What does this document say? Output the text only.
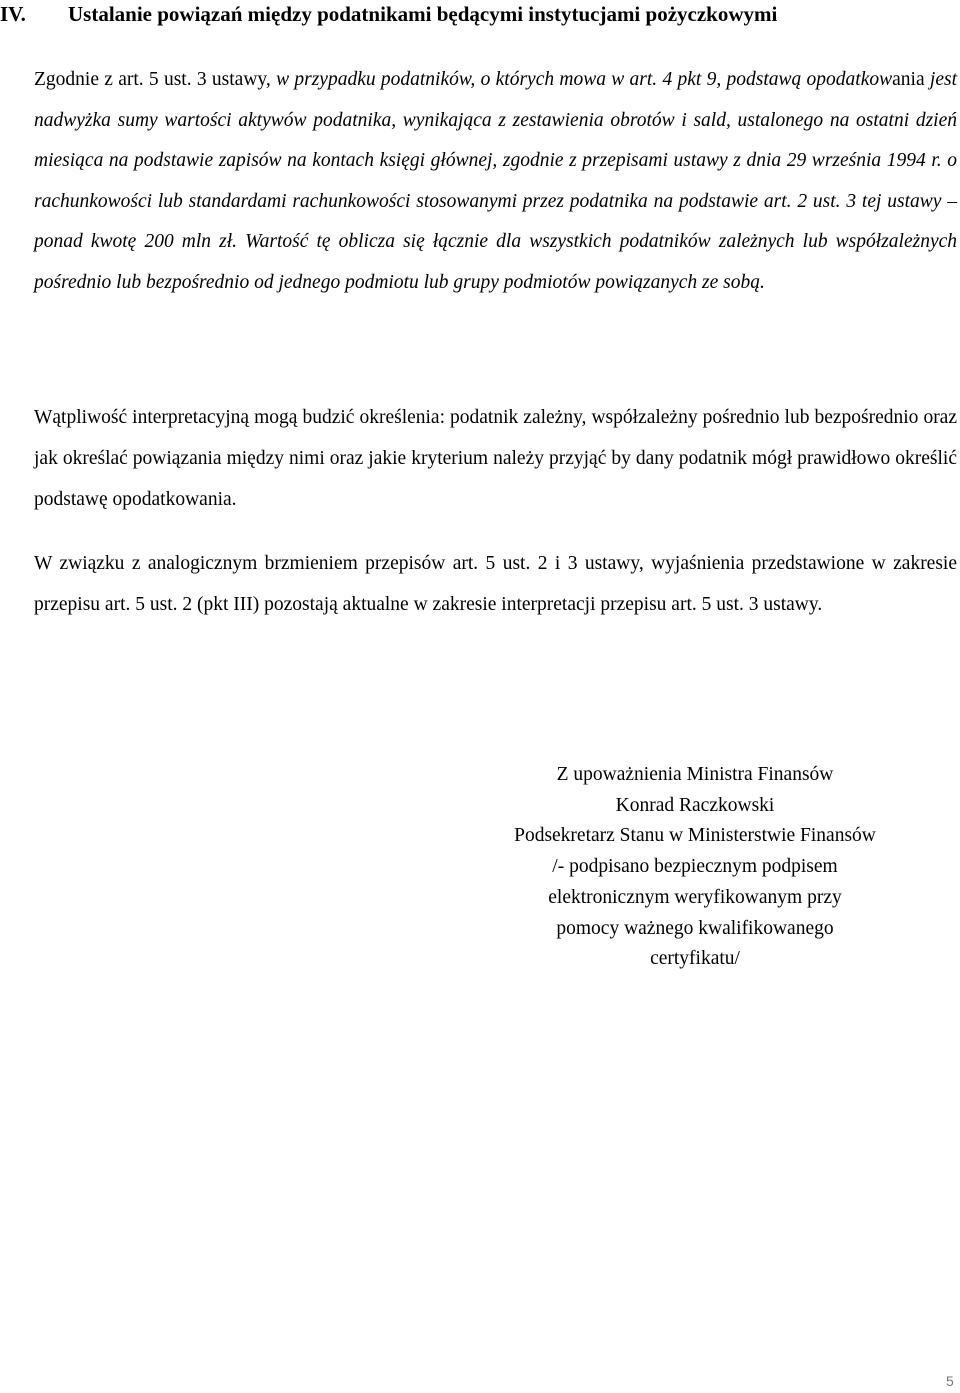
IV. Ustalanie powiązań między podatnikami będącymi instytucjami pożyczkowymi

Zgodnie z art. 5 ust. 3 ustawy, w przypadku podatników, o których mowa w art. 4 pkt 9, podstawą opodatkowania jest nadwyżka sumy wartości aktywów podatnika, wynikająca z zestawienia obrotów i sald, ustalonego na ostatni dzień miesiąca na podstawie zapisów na kontach księgi głównej, zgodnie z przepisami ustawy z dnia 29 września 1994 r. o rachunkowości lub standardami rachunkowości stosowanymi przez podatnika na podstawie art. 2 ust. 3 tej ustawy – ponad kwotę 200 mln zł. Wartość tę oblicza się łącznie dla wszystkich podatników zależnych lub współzależnych pośrednio lub bezpośrednio od jednego podmiotu lub grupy podmiotów powiązanych ze sobą.

Wątpliwość interpretacyjną mogą budzić określenia: podatnik zależny, współzależny pośrednio lub bezpośrednio oraz jak określać powiązania między nimi oraz jakie kryterium należy przyjąć by dany podatnik mógł prawidłowo określić podstawę opodatkowania.

W związku z analogicznym brzmieniem przepisów art. 5 ust. 2 i 3 ustawy, wyjaśnienia przedstawione w zakresie przepisu art. 5 ust. 2 (pkt III) pozostają aktualne w zakresie interpretacji przepisu art. 5 ust. 3 ustawy.

Z upoważnienia Ministra Finansów
Konrad Raczkowski
Podsekretarz Stanu w Ministerstwie Finansów
/- podpisano bezpiecznym podpisem
elektronicznym weryfikowanym przy
pomocy ważnego kwalifikowanego
certyfikatu/
5
